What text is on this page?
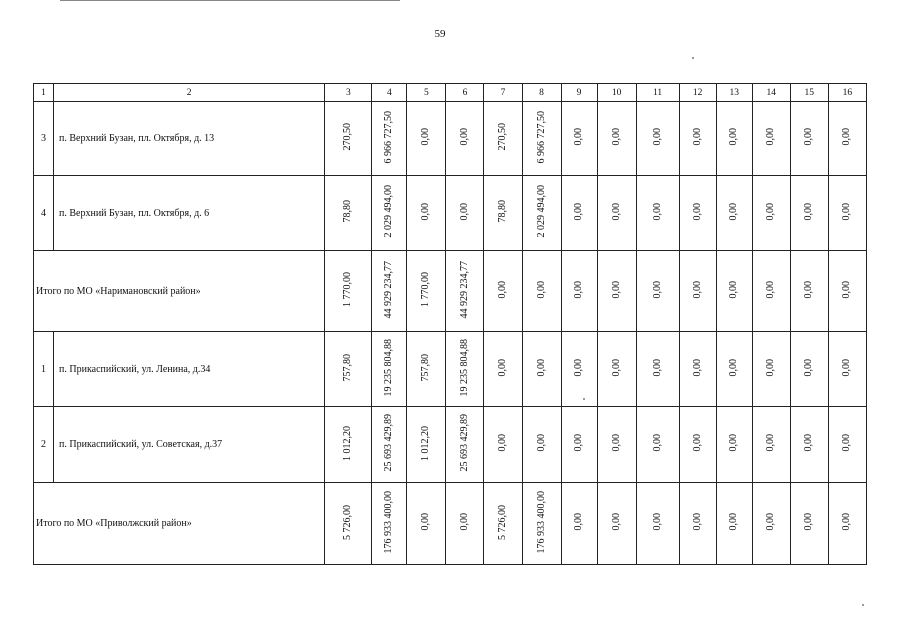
59
1	2	3	4	5	6	7	8	9	10	11	12	13	14	15	16
3	п. Верхний Бузан, пл. Октября, д. 13	270,50	6 966 727,50	0,00	0,00	270,50	6 966 727,50	0,00	0,00	0,00	0,00	0,00	0,00	0,00	0,00
4	п. Верхний Бузан, пл. Октября, д. 6	78,80	2 029 494,00	0,00	0,00	78,80	2 029 494,00	0,00	0,00	0,00	0,00	0,00	0,00	0,00	0,00
Итого по МО «Наримановский район»		1 770,00	44 929 234,77	1 770,00	44 929 234,77	0,00	0,00	0,00	0,00	0,00	0,00	0,00	0,00	0,00	0,00
1	п. Прикаспийский, ул. Ленина, д.34	757,80	19 235 804,88	757,80	19 235 804,88	0,00	0,00	0,00	0,00	0,00	0,00	0,00	0,00	0,00	0,00
2	п. Прикаспийский, ул. Советская, д.37	1 012,20	25 693 429,89	1 012,20	25 693 429,89	0,00	0,00	0,00	0,00	0,00	0,00	0,00	0,00	0,00	0,00
Итого по МО «Приволжский район»		5 726,00	176 933 400,00	0,00	0,00	5 726,00	176 933 400,00	0,00	0,00	0,00	0,00	0,00	0,00	0,00	0,00
